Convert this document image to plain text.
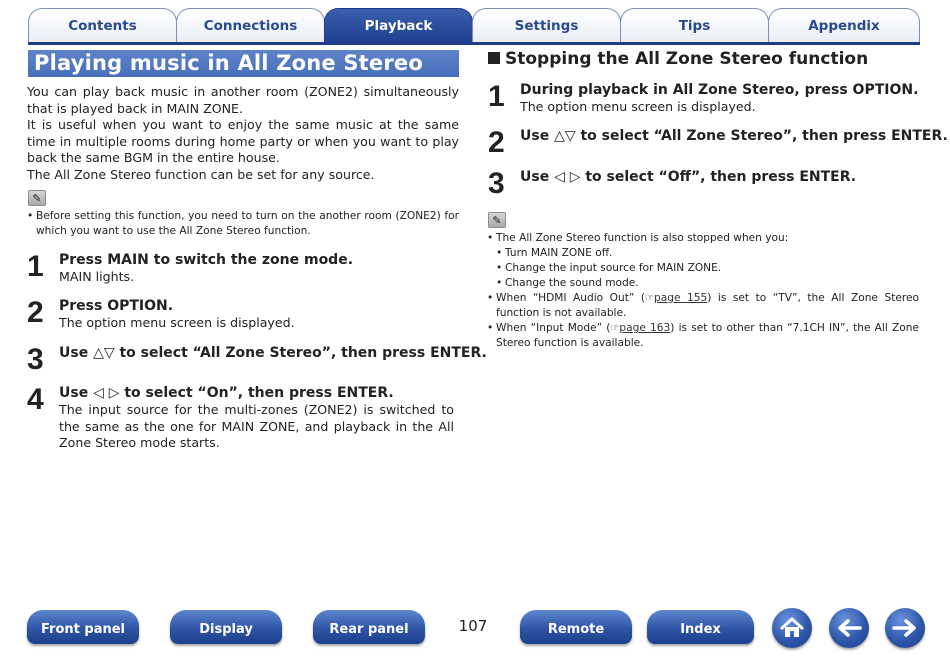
Contents	Connections	Playback	Settings	Tips	Appendix
Playing music in All Zone Stereo

You can play back music in another room (ZONE2) simultaneously that is played back in MAIN ZONE.

It is useful when you want to enjoy the same music at the same time in multiple rooms during home party or when you want to play back the same BGM in the entire house.

The All Zone Stereo function can be set for any source.

✎
• Before setting this function, you need to turn on the another room (ZONE2) for which you want to use the All Zone Stereo function.
1 Press MAIN to switch the zone mode.
MAIN lights.
2 Press OPTION.
The option menu screen is displayed.
3 Use △▽ to select “All Zone Stereo”, then press ENTER.
4 Use ◁ ▷ to select “On”, then press ENTER.
The input source for the multi-zones (ZONE2) is switched to the same as the one for MAIN ZONE, and playback in the All Zone Stereo mode starts.
Stopping the All Zone Stereo function
1 During playback in All Zone Stereo, press OPTION.
The option menu screen is displayed.
2 Use △▽ to select “All Zone Stereo”, then press ENTER.
3 Use ◁ ▷ to select “Off”, then press ENTER.
✎
• The All Zone Stereo function is also stopped when you:
• Turn MAIN ZONE off.
• Change the input source for MAIN ZONE.
• Change the sound mode.
• When “HDMI Audio Out” (☞page 155) is set to “TV”, the All Zone Stereo function is not available.
• When “Input Mode” (☞page 163) is set to other than “7.1CH IN”, the All Zone Stereo function is available.
Front panel	Display	Rear panel	107	Remote	Index
